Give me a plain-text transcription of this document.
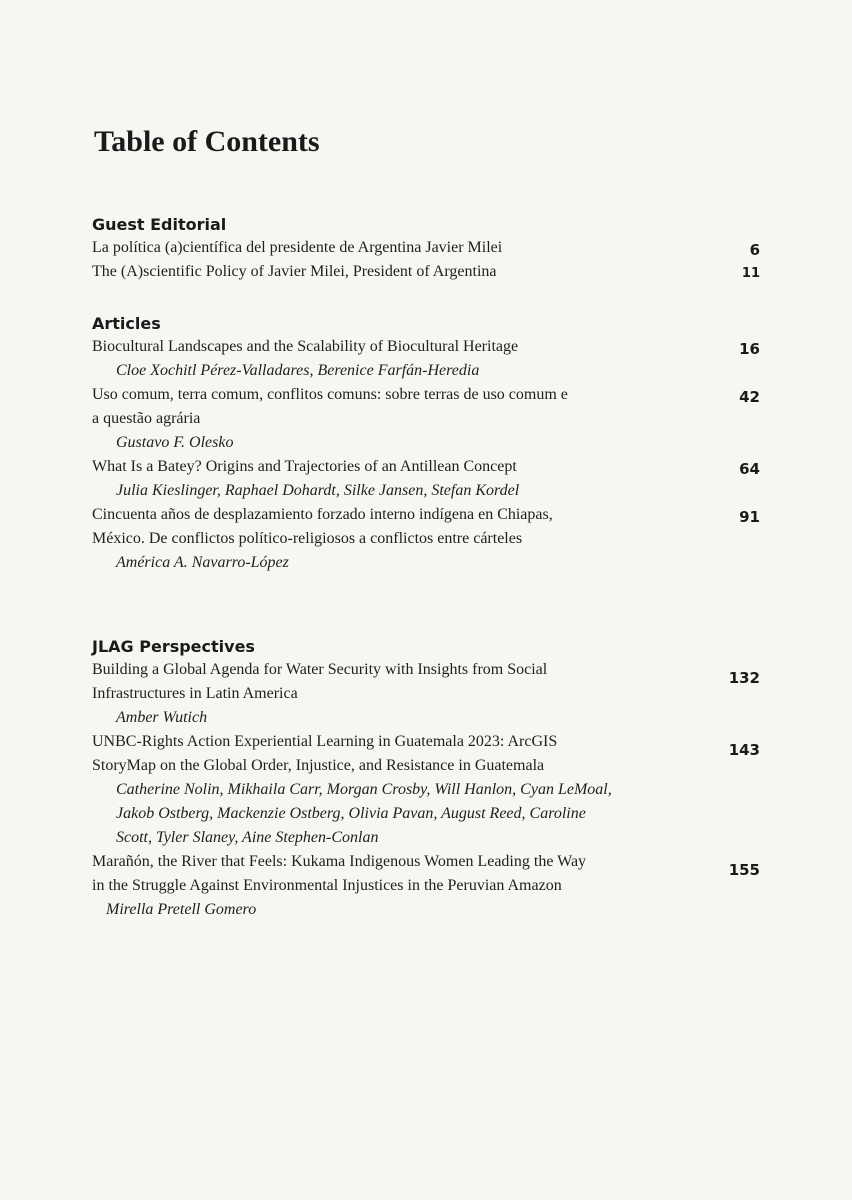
Table of Contents
Guest Editorial
La política (a)científica del presidente de Argentina Javier Milei	6
The (A)scientific Policy of Javier Milei, President of Argentina	11
Articles
Biocultural Landscapes and the Scalability of Biocultural Heritage
Cloe Xochitl Pérez-Valladares, Berenice Farfán-Heredia
16
Uso comum, terra comum, conflitos comuns: sobre terras de uso comum e a questão agrária
Gustavo F. Olesko
42
What Is a Batey? Origins and Trajectories of an Antillean Concept
Julia Kieslinger, Raphael Dohardt, Silke Jansen, Stefan Kordel
64
Cincuenta años de desplazamiento forzado interno indígena en Chiapas, México. De conflictos político-religiosos a conflictos entre cárteles
América A. Navarro-López
91
JLAG Perspectives
Building a Global Agenda for Water Security with Insights from Social Infrastructures in Latin America
Amber Wutich
132
UNBC-Rights Action Experiential Learning in Guatemala 2023: ArcGIS StoryMap on the Global Order, Injustice, and Resistance in Guatemala
Catherine Nolin, Mikhaila Carr, Morgan Crosby, Will Hanlon, Cyan LeMoal, Jakob Ostberg, Mackenzie Ostberg, Olivia Pavan, August Reed, Caroline Scott, Tyler Slaney, Aine Stephen-Conlan
143
Marañón, the River that Feels: Kukama Indigenous Women Leading the Way in the Struggle Against Environmental Injustices in the Peruvian Amazon
Mirella Pretell Gomero
155
